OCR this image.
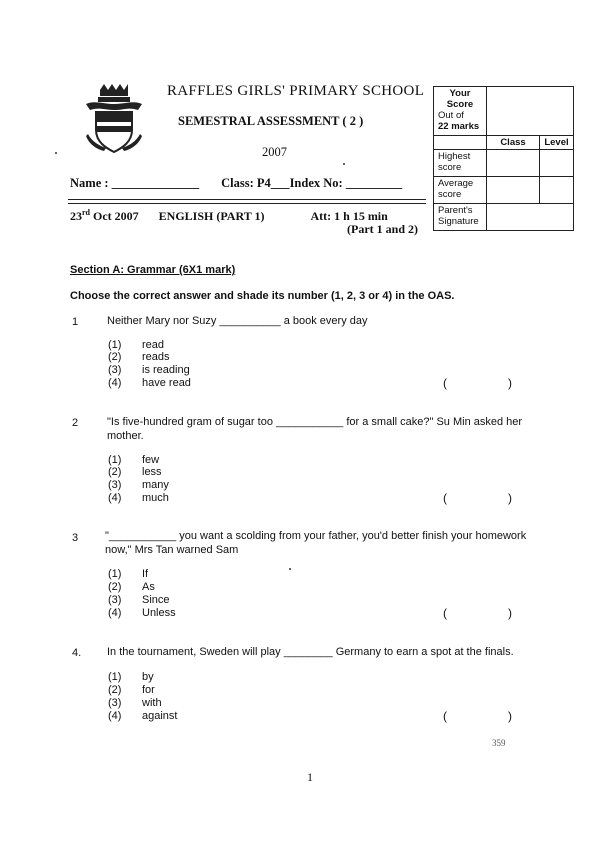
RAFFLES GIRLS' PRIMARY SCHOOL
SEMESTRAL ASSESSMENT ( 2 )
2007
Name : ______________ Class: P4___Index No: _________
23rd Oct 2007 ENGLISH (PART 1)	Att: 1 h 15 min
(Part 1 and 2)
Your
Score
Out of
22 marks		

	Class	Level
Highest score		
Average score		
Parent's Signature		
Section A: Grammar (6X1 mark)
Choose the correct answer and shade its number (1, 2, 3 or 4) in the OAS.
1	Neither Mary nor Suzy __________ a book every day
(1) read
(2) reads
(3) is reading
(4) have read	(	)
2	"Is five-hundred gram of sugar too ___________ for a small cake?" Su Min asked her
mother.
(1) few
(2) less
(3) many
(4) much	(	)
3 "___________ you want a scolding from your father, you'd better finish your homework
now," Mrs Tan warned Sam
(1) If
(2) As
(3) Since
(4) Unless	(	)
4. In the tournament, Sweden will play ________ Germany to earn a spot at the finals.
(1) by
(2) for
(3) with
(4) against	(	)
359
1
